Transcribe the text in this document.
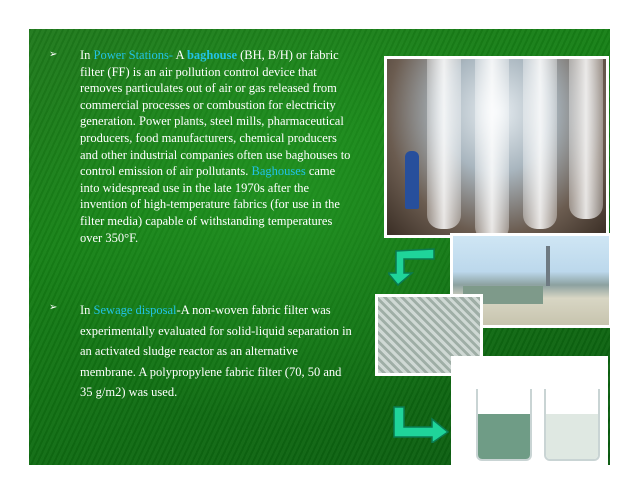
➢ In Power Stations- A baghouse (BH, B/H) or fabric filter (FF) is an air pollution control device that removes particulates out of air or gas released from commercial processes or combustion for electricity generation. Power plants, steel mills, pharmaceutical producers, food manufacturers, chemical producers and other industrial companies often use baghouses to control emission of air pollutants. Baghouses came into widespread use in the late 1970s after the invention of high-temperature fabrics (for use in the filter media) capable of withstanding temperatures over 350°F.
➢ In Sewage disposal-A non-woven fabric filter was experimentally evaluated for solid-liquid separation in an activated sludge reactor as an alternative membrane. A polypropylene fabric filter (70, 50 and 35 g/m2) was used.
